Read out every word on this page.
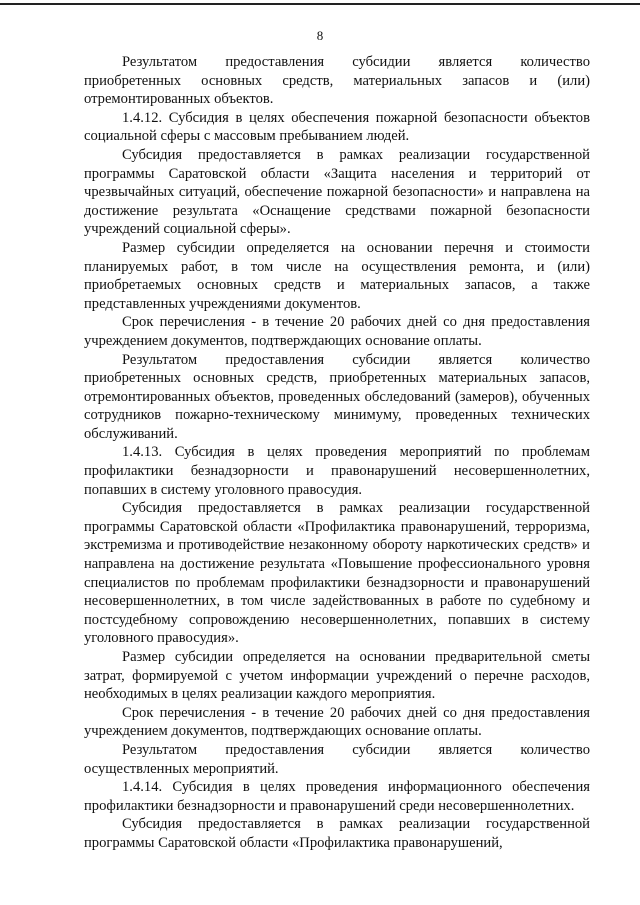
8

Результатом предоставления субсидии является количество приобретенных основных средств, материальных запасов и (или) отремонтированных объектов.

1.4.12. Субсидия в целях обеспечения пожарной безопасности объектов социальной сферы с массовым пребыванием людей.

Субсидия предоставляется в рамках реализации государственной программы Саратовской области «Защита населения и территорий от чрезвычайных ситуаций, обеспечение пожарной безопасности» и направлена на достижение результата «Оснащение средствами пожарной безопасности учреждений социальной сферы».

Размер субсидии определяется на основании перечня и стоимости планируемых работ, в том числе на осуществления ремонта, и (или) приобретаемых основных средств и материальных запасов, а также представленных учреждениями документов.

Срок перечисления - в течение 20 рабочих дней со дня предоставления учреждением документов, подтверждающих основание оплаты.

Результатом предоставления субсидии является количество приобретенных основных средств, приобретенных материальных запасов, отремонтированных объектов, проведенных обследований (замеров), обученных сотрудников пожарно-техническому минимуму, проведенных технических обслуживаний.

1.4.13. Субсидия в целях проведения мероприятий по проблемам профилактики безнадзорности и правонарушений несовершеннолетних, попавших в систему уголовного правосудия.

Субсидия предоставляется в рамках реализации государственной программы Саратовской области «Профилактика правонарушений, терроризма, экстремизма и противодействие незаконному обороту наркотических средств» и направлена на достижение результата «Повышение профессионального уровня специалистов по проблемам профилактики безнадзорности и правонарушений несовершеннолетних, в том числе задействованных в работе по судебному и постсудебному сопровождению несовершеннолетних, попавших в систему уголовного правосудия».

Размер субсидии определяется на основании предварительной сметы затрат, формируемой с учетом информации учреждений о перечне расходов, необходимых в целях реализации каждого мероприятия.

Срок перечисления - в течение 20 рабочих дней со дня предоставления учреждением документов, подтверждающих основание оплаты.

Результатом предоставления субсидии является количество осуществленных мероприятий.

1.4.14. Субсидия в целях проведения информационного обеспечения профилактики безнадзорности и правонарушений среди несовершеннолетних.

Субсидия предоставляется в рамках реализации государственной программы Саратовской области «Профилактика правонарушений,
